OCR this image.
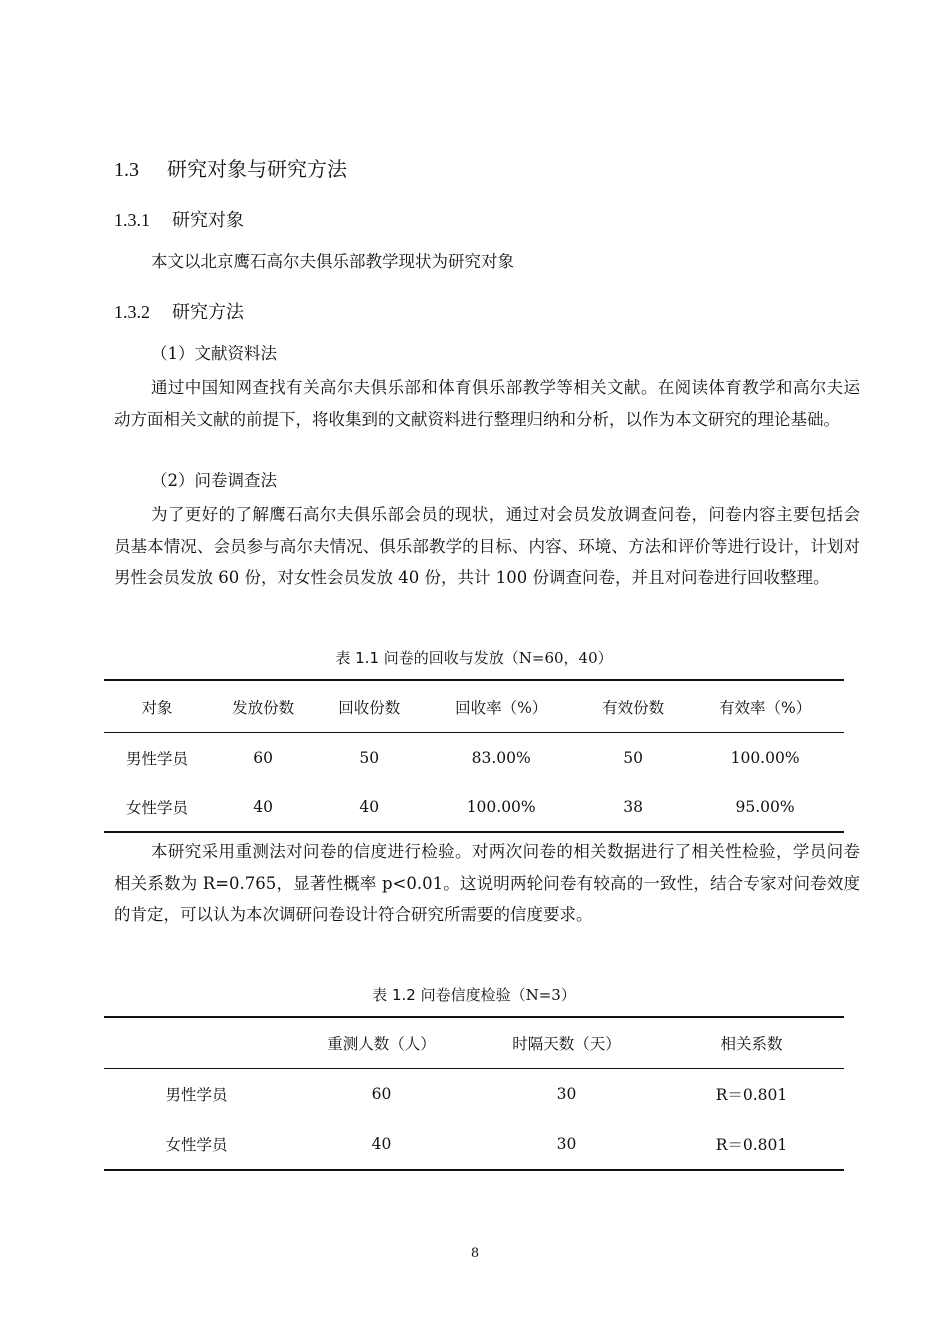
1.3 研究对象与研究方法
1.3.1 研究对象
本文以北京鹰石高尔夫俱乐部教学现状为研究对象
1.3.2 研究方法
（1）文献资料法
通过中国知网查找有关高尔夫俱乐部和体育俱乐部教学等相关文献。在阅读体育教学和高尔夫运动方面相关文献的前提下，将收集到的文献资料进行整理归纳和分析，以作为本文研究的理论基础。
（2）问卷调查法
为了更好的了解鹰石高尔夫俱乐部会员的现状，通过对会员发放调查问卷，问卷内容主要包括会员基本情况、会员参与高尔夫情况、俱乐部教学的目标、内容、环境、方法和评价等进行设计，计划对男性会员发放 60 份，对女性会员发放 40 份，共计 100 份调查问卷，并且对问卷进行回收整理。
表 1.1 问卷的回收与发放（N=60，40）
对象	发放份数	回收份数	回收率（%）	有效份数	有效率（%）
男性学员	60	50	83.00%	50	100.00%
女性学员	40	40	100.00%	38	95.00%
本研究采用重测法对问卷的信度进行检验。对两次问卷的相关数据进行了相关性检验，学员问卷相关系数为 R=0.765，显著性概率 p<0.01。这说明两轮问卷有较高的一致性，结合专家对问卷效度的肯定，可以认为本次调研问卷设计符合研究所需要的信度要求。
表 1.2 问卷信度检验（N=3）
	重测人数（人）	时隔天数（天）	相关系数
男性学员	60	30	R＝0.801
女性学员	40	30	R＝0.801
8
